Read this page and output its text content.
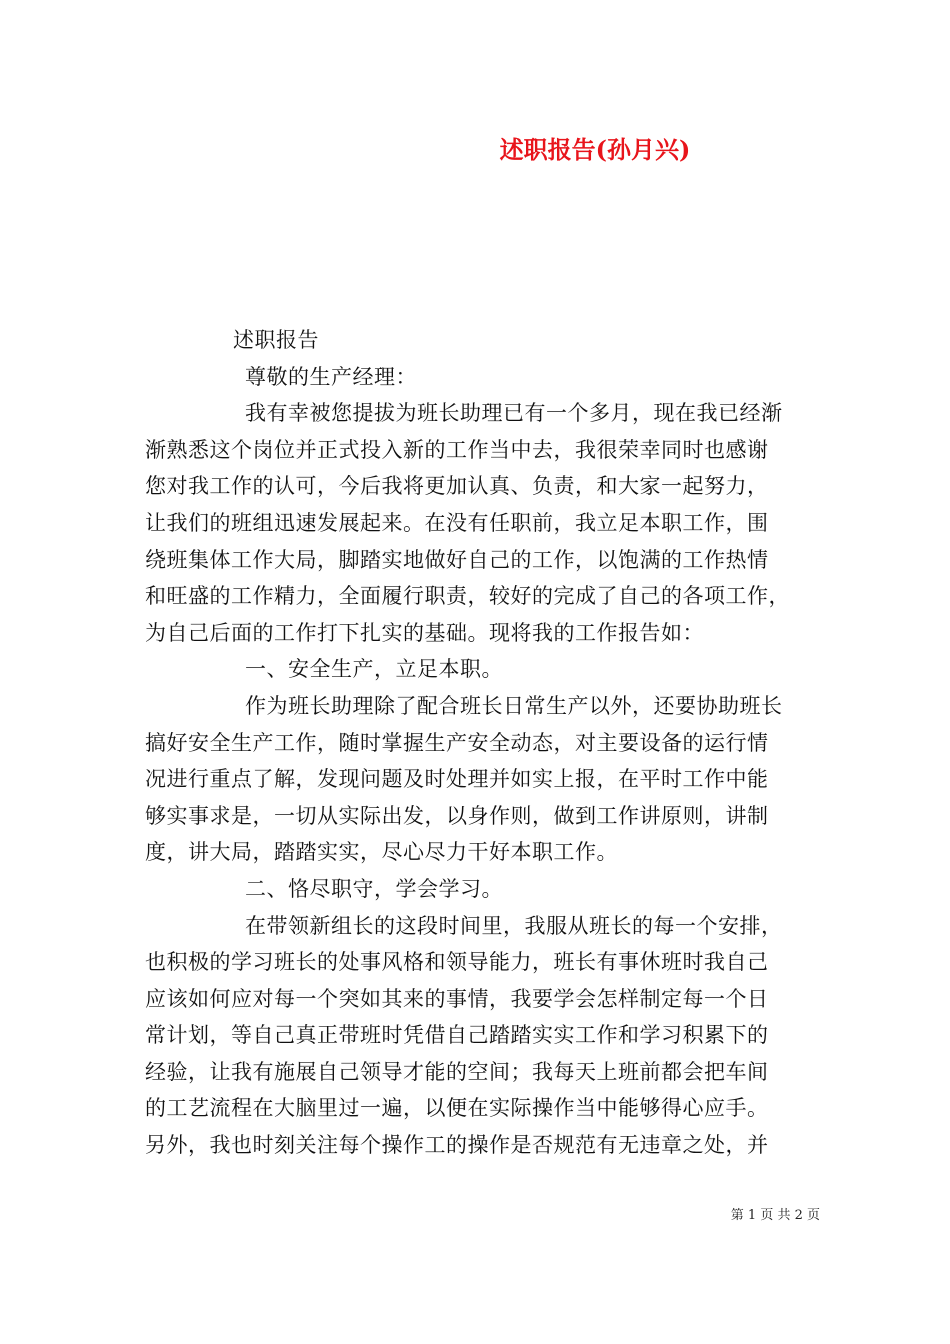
述职报告(孙月兴)
述职报告
尊敬的生产经理：
我有幸被您提拔为班长助理已有一个多月，现在我已经渐
渐熟悉这个岗位并正式投入新的工作当中去，我很荣幸同时也感谢
您对我工作的认可，今后我将更加认真、负责，和大家一起努力，
让我们的班组迅速发展起来。在没有任职前，我立足本职工作，围
绕班集体工作大局，脚踏实地做好自己的工作，以饱满的工作热情
和旺盛的工作精力，全面履行职责，较好的完成了自己的各项工作，
为自己后面的工作打下扎实的基础。现将我的工作报告如：
一、安全生产，立足本职。
作为班长助理除了配合班长日常生产以外，还要协助班长
搞好安全生产工作，随时掌握生产安全动态，对主要设备的运行情
况进行重点了解，发现问题及时处理并如实上报，在平时工作中能
够实事求是，一切从实际出发，以身作则，做到工作讲原则，讲制
度，讲大局，踏踏实实，尽心尽力干好本职工作。
二、恪尽职守，学会学习。
在带领新组长的这段时间里，我服从班长的每一个安排，
也积极的学习班长的处事风格和领导能力，班长有事休班时我自己
应该如何应对每一个突如其来的事情，我要学会怎样制定每一个日
常计划，等自己真正带班时凭借自己踏踏实实工作和学习积累下的
经验，让我有施展自己领导才能的空间；我每天上班前都会把车间
的工艺流程在大脑里过一遍，以便在实际操作当中能够得心应手。
另外，我也时刻关注每个操作工的操作是否规范有无违章之处，并
第 1 页 共 2 页
